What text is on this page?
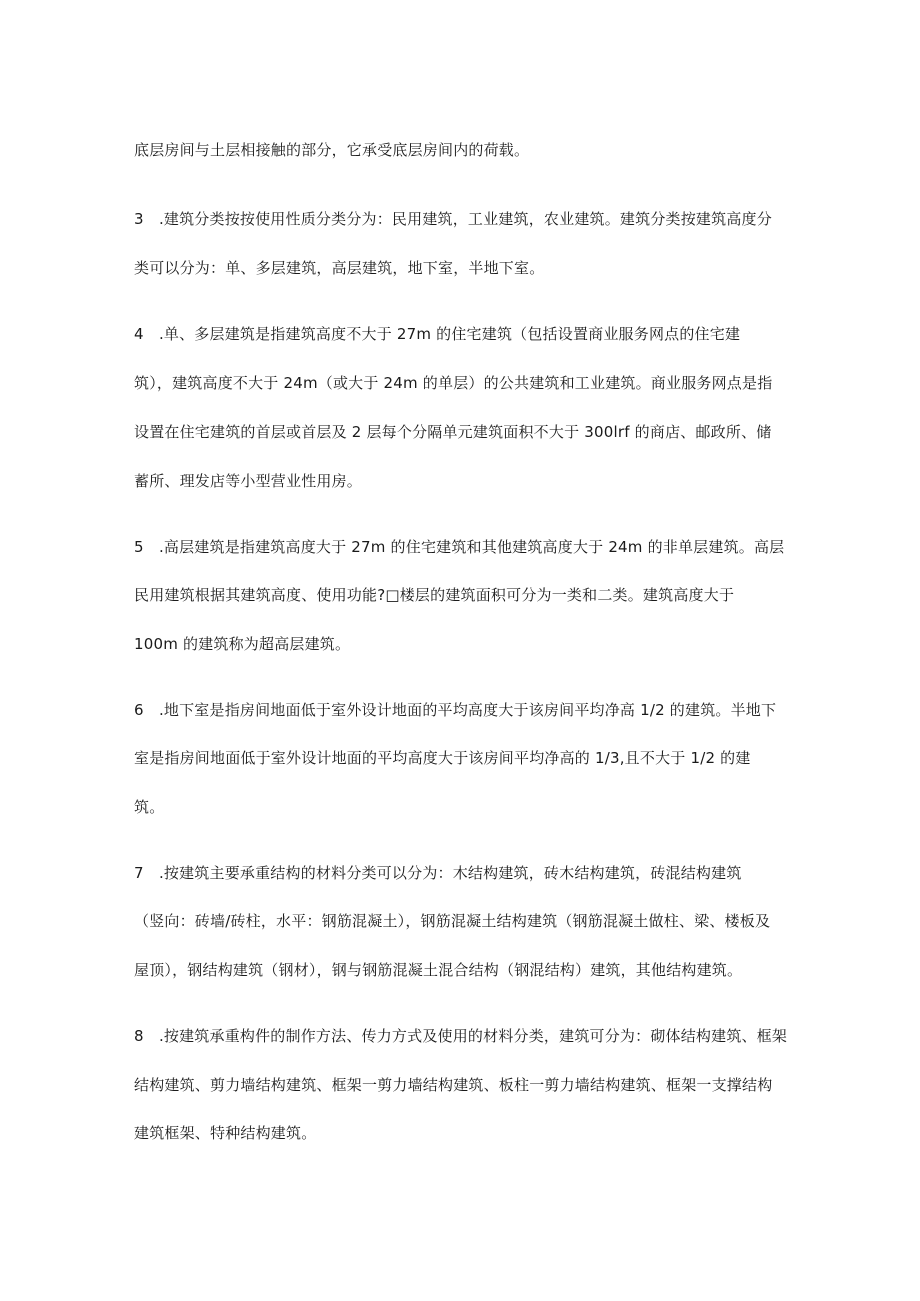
底层房间与土层相接触的部分，它承受底层房间内的荷载。
3　.建筑分类按按使用性质分类分为：民用建筑，工业建筑，农业建筑。建筑分类按建筑高度分
类可以分为：单、多层建筑，高层建筑，地下室，半地下室。
4　.单、多层建筑是指建筑高度不大于 27m 的住宅建筑（包括设置商业服务网点的住宅建
筑），建筑高度不大于 24m（或大于 24m 的单层）的公共建筑和工业建筑。商业服务网点是指
设置在住宅建筑的首层或首层及 2 层每个分隔单元建筑面积不大于 300lrf 的商店、邮政所、储
蓄所、理发店等小型营业性用房。
5　.高层建筑是指建筑高度大于 27m 的住宅建筑和其他建筑高度大于 24m 的非单层建筑。高层
民用建筑根据其建筑高度、使用功能?□楼层的建筑面积可分为一类和二类。建筑高度大于
100m 的建筑称为超高层建筑。
6　.地下室是指房间地面低于室外设计地面的平均高度大于该房间平均净高 1/2 的建筑。半地下
室是指房间地面低于室外设计地面的平均高度大于该房间平均净高的 1/3,且不大于 1/2 的建
筑。
7　.按建筑主要承重结构的材料分类可以分为：木结构建筑，砖木结构建筑，砖混结构建筑
（竖向：砖墙/砖柱，水平：钢筋混凝土），钢筋混凝土结构建筑（钢筋混凝土做柱、梁、楼板及
屋顶），钢结构建筑（钢材），钢与钢筋混凝土混合结构（钢混结构）建筑，其他结构建筑。
8　.按建筑承重构件的制作方法、传力方式及使用的材料分类，建筑可分为：砌体结构建筑、框架
结构建筑、剪力墙结构建筑、框架一剪力墙结构建筑、板柱一剪力墙结构建筑、框架一支撑结构
建筑框架、特种结构建筑。
